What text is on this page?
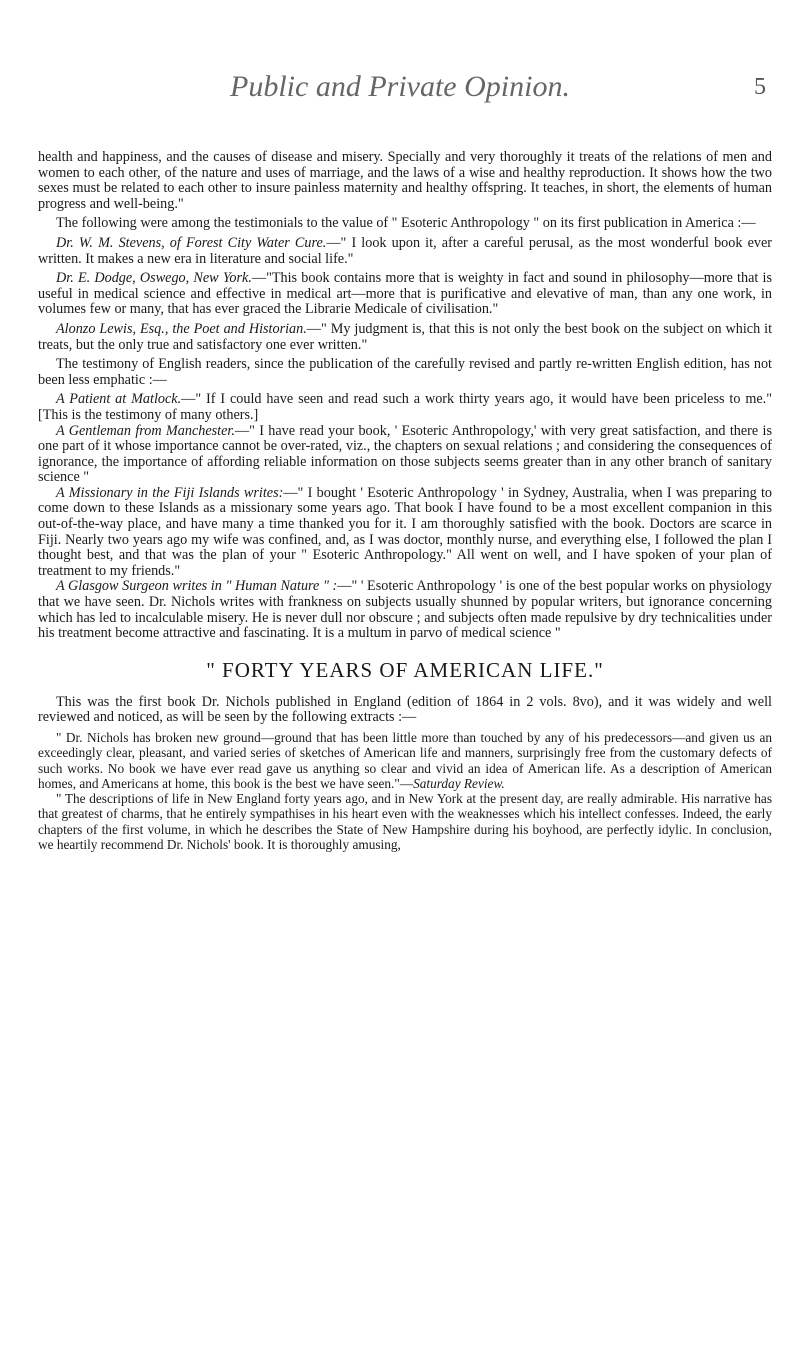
Public and Private Opinion.	5

health and happiness, and the causes of disease and misery. Specially and very thoroughly it treats of the relations of men and women to each other, of the nature and uses of marriage, and the laws of a wise and healthy reproduction. It shows how the two sexes must be related to each other to insure painless maternity and healthy offspring. It teaches, in short, the elements of human progress and well-being."

The following were among the testimonials to the value of " Esoteric Anthropology " on its first publication in America :—

Dr. W. M. Stevens, of Forest City Water Cure.—" I look upon it, after a careful perusal, as the most wonderful book ever written. It makes a new era in literature and social life."

Dr. E. Dodge, Oswego, New York.—"This book contains more that is weighty in fact and sound in philosophy—more that is useful in medical science and effective in medical art—more that is purificative and elevative of man, than any one work, in volumes few or many, that has ever graced the Librarie Medicale of civilisation."

Alonzo Lewis, Esq., the Poet and Historian.—" My judgment is, that this is not only the best book on the subject on which it treats, but the only true and satisfactory one ever written."

The testimony of English readers, since the publication of the carefully revised and partly re-written English edition, has not been less emphatic :—

A Patient at Matlock.—" If I could have seen and read such a work thirty years ago, it would have been priceless to me." [This is the testimony of many others.]

A Gentleman from Manchester.—" I have read your book, ' Esoteric Anthropology,' with very great satisfaction, and there is one part of it whose importance cannot be over-rated, viz., the chapters on sexual relations ; and considering the consequences of ignorance, the importance of affording reliable information on those subjects seems greater than in any other branch of sanitary science "

A Missionary in the Fiji Islands writes:—" I bought ' Esoteric Anthropology ' in Sydney, Australia, when I was preparing to come down to these Islands as a missionary some years ago. That book I have found to be a most excellent companion in this out-of-the-way place, and have many a time thanked you for it. I am thoroughly satisfied with the book. Doctors are scarce in Fiji. Nearly two years ago my wife was confined, and, as I was doctor, monthly nurse, and everything else, I followed the plan I thought best, and that was the plan of your " Esoteric Anthropology." All went on well, and I have spoken of your plan of treatment to my friends."

A Glasgow Surgeon writes in " Human Nature " :—" ' Esoteric Anthropology ' is one of the best popular works on physiology that we have seen. Dr. Nichols writes with frankness on subjects usually shunned by popular writers, but ignorance concerning which has led to incalculable misery. He is never dull nor obscure ; and subjects often made repulsive by dry technicalities under his treatment become attractive and fascinating. It is a multum in parvo of medical science "

" FORTY YEARS OF AMERICAN LIFE."

This was the first book Dr. Nichols published in England (edition of 1864 in 2 vols. 8vo), and it was widely and well reviewed and noticed, as will be seen by the following extracts :—

" Dr. Nichols has broken new ground—ground that has been little more than touched by any of his predecessors—and given us an exceedingly clear, pleasant, and varied series of sketches of American life and manners, surprisingly free from the customary defects of such works. No book we have ever read gave us anything so clear and vivid an idea of American life. As a description of American homes, and Americans at home, this book is the best we have seen."—Saturday Review.

" The descriptions of life in New England forty years ago, and in New York at the present day, are really admirable. His narrative has that greatest of charms, that he entirely sympathises in his heart even with the weaknesses which his intellect confesses. Indeed, the early chapters of the first volume, in which he describes the State of New Hampshire during his boyhood, are perfectly idylic. In conclusion, we heartily recommend Dr. Nichols' book. It is thoroughly amusing,
